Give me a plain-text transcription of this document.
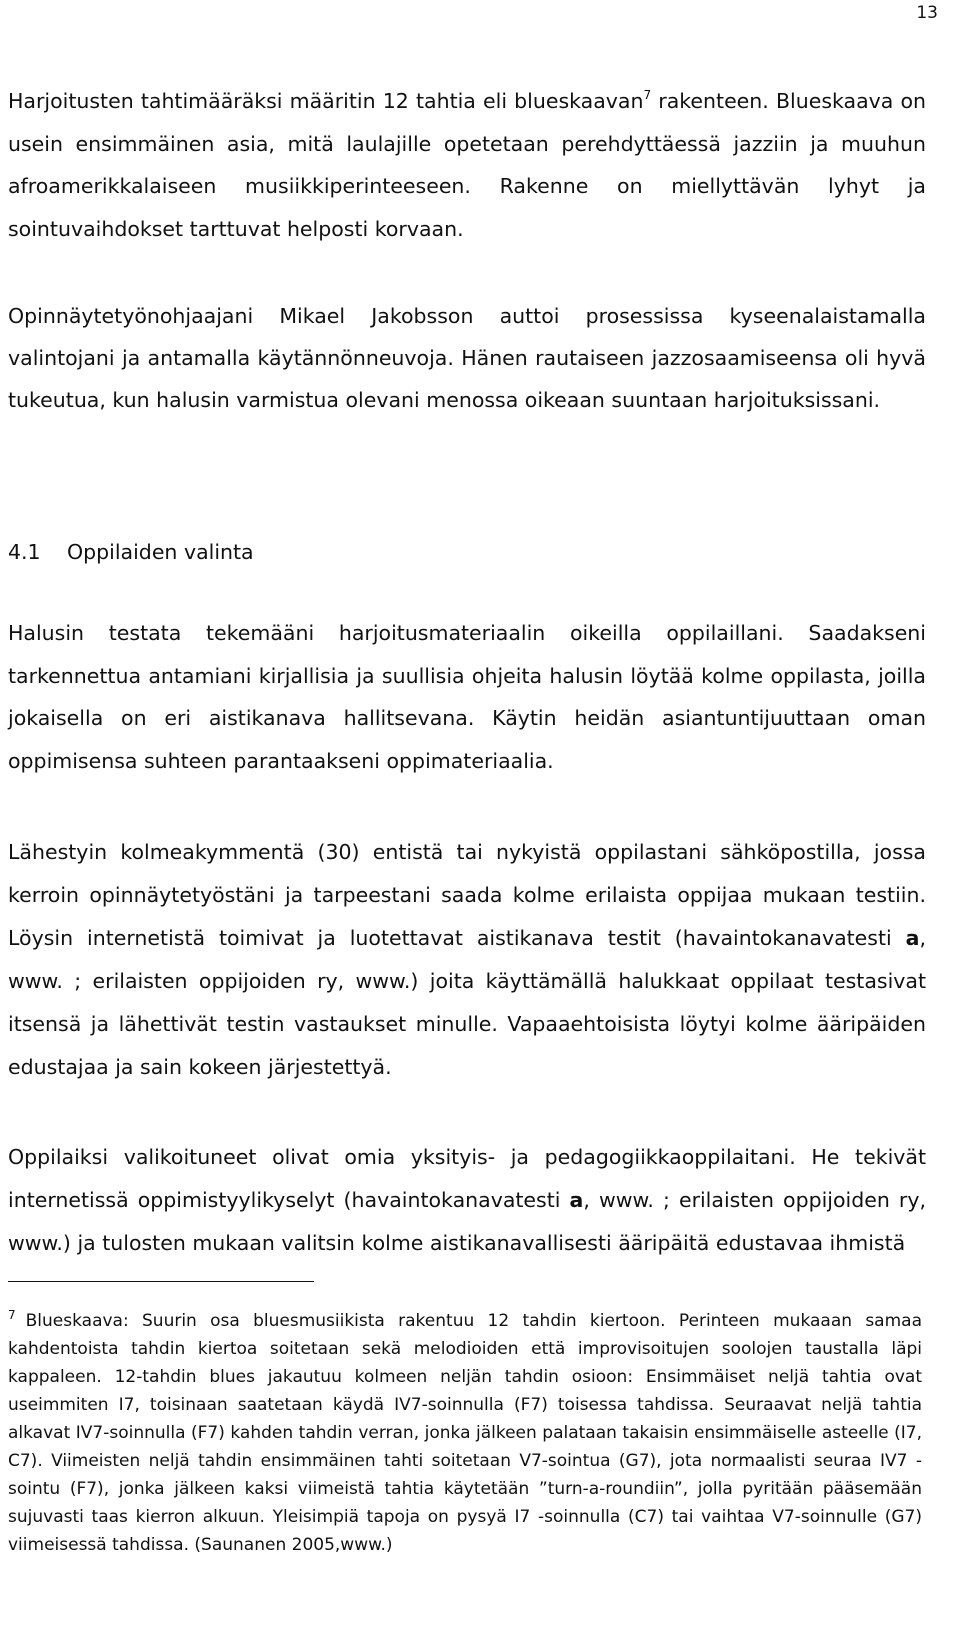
13

Harjoitusten tahtimääräksi määritin 12 tahtia eli blueskaavan$^7$ rakenteen. Blueskaava on usein ensimmäinen asia, mitä laulajille opetetaan perehdyttäessä jazziin ja muuhun afroamerikkalaiseen musiikkiperinteeseen. Rakenne on miellyttävän lyhyt ja sointuvaihdokset tarttuvat helposti korvaan.

Opinnäytetyönohjaajani Mikael Jakobsson auttoi prosessissa kyseenalaistamalla valintojani ja antamalla käytännönneuvoja. Hänen rautaiseen jazzosaamiseensa oli hyvä tukeutua, kun halusin varmistua olevani menossa oikeaan suuntaan harjoituksissani.

4.1 Oppilaiden valinta

Halusin testata tekemääni harjoitusmateriaalin oikeilla oppilaillani. Saadakseni tarkennettua antamiani kirjallisia ja suullisia ohjeita halusin löytää kolme oppilasta, joilla jokaisella on eri aistikanava hallitsevana. Käytin heidän asiantuntijuuttaan oman oppimisensa suhteen parantaakseni oppimateriaalia.

Lähestyin kolmeakymmentä (30) entistä tai nykyistä oppilastani sähköpostilla, jossa kerroin opinnäytetyöstäni ja tarpeestani saada kolme erilaista oppijaa mukaan testiin. Löysin internetistä toimivat ja luotettavat aistikanava testit (havaintokanavatesti a, www. ; erilaisten oppijoiden ry, www.) joita käyttämällä halukkaat oppilaat testasivat itsensä ja lähettivät testin vastaukset minulle. Vapaaehtoisista löytyi kolme ääripäiden edustajaa ja sain kokeen järjestettyä.

Oppilaiksi valikoituneet olivat omia yksityis- ja pedagogiikkaoppilaitani. He tekivät internetissä oppimistyylikyselyt (havaintokanavatesti a, www. ; erilaisten oppijoiden ry, www.) ja tulosten mukaan valitsin kolme aistikanavallisesti ääripäitä edustavaa ihmistä

$^7$ Blueskaava: Suurin osa bluesmusiikista rakentuu 12 tahdin kiertoon. Perinteen mukaaan samaa kahdentoista tahdin kiertoa soitetaan sekä melodioiden että improvisoitujen soolojen taustalla läpi kappaleen. 12-tahdin blues jakautuu kolmeen neljän tahdin osioon: Ensimmäiset neljä tahtia ovat useimmiten I7, toisinaan saatetaan käydä IV7-soinnulla (F7) toisessa tahdissa. Seuraavat neljä tahtia alkavat IV7-soinnulla (F7) kahden tahdin verran, jonka jälkeen palataan takaisin ensimmäiselle asteelle (I7, C7). Viimeisten neljä tahdin ensimmäinen tahti soitetaan V7-sointua (G7), jota normaalisti seuraa IV7 -sointu (F7), jonka jälkeen kaksi viimeistä tahtia käytetään ”turn-a-roundiin”, jolla pyritään pääsemään sujuvasti taas kierron alkuun. Yleisimpiä tapoja on pysyä I7 -soinnulla (C7) tai vaihtaa V7-soinnulle (G7) viimeisessä tahdissa. (Saunanen 2005,www.)
